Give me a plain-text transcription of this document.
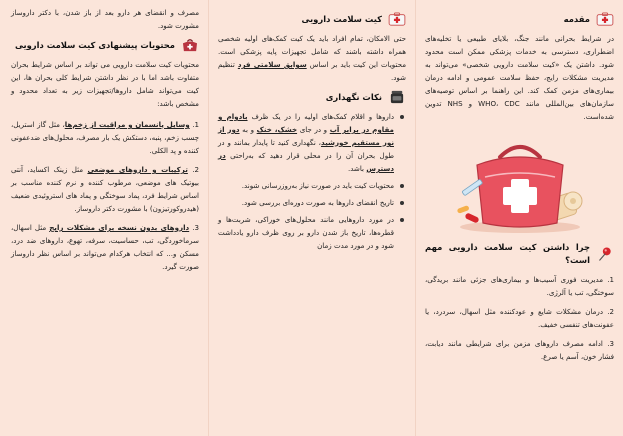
مقدمه

در شرایط بحرانی مانند جنگ، بلایای طبیعی یا تخلیه‌های اضطراری، دسترسی به خدمات پزشکی ممکن است محدود شود. داشتن یک «کیت سلامت دارویی شخصی» می‌تواند به مدیریت مشکلات رایج، حفظ سلامت عمومی و ادامه درمان بیماری‌های مزمن کمک کند. این راهنما بر اساس توصیه‌های سازمان‌های بین‌المللی مانند WHO، CDC و NHS تدوین شده‌است.

چرا داشتن کیت سلامت دارویی مهم است؟

1. مدیریت فوری آسیب‌ها و بیماری‌های جزئی مانند بریدگی، سوختگی، تب یا آلرژی.

2. درمان مشکلات شایع و عودکننده مثل اسهال، سردرد، یا عفونت‌های تنفسی خفیف.

3. ادامه مصرف داروهای مزمن برای شرایطی مانند دیابت، فشار خون، آسم یا صرع.

کیت سلامت دارویی

حتی الامکان، تمام افراد باید یک کیت کمک‌های اولیه شخصی همراه داشته باشند که شامل تجهیزات پایه پزشکی است. محتویات این کیت باید بر اساس سوابق سلامتی فرد تنظیم شود.

نکات نگهداری
داروها و اقلام کمک‌های اولیه را در یک ظرف بادوام و مقاوم در برابر آب و در جای خشک، خنک و به دور از نور مستقیم خورشید، نگهداری کنید تا پایدار بمانند و در طول بحران آن را در محلی قرار دهید که به‌راحتی در دسترس باشد.
محتویات کیت باید در صورت نیاز به‌روزرسانی شوند.
تاریخ انقضای داروها به صورت دوره‌ای بررسی شود.
در مورد داروهایی مانند محلول‌های خوراکی، شربت‌ها و قطره‌ها، تاریخ باز شدن دارو بر روی ظرف دارو یادداشت شود و در مورد مدت زمان

مصرف و انقضای هر دارو بعد از باز شدن، با دکتر داروساز مشورت شود.

محتویات پیشنهادی کیت سلامت دارویی

محتویات کیت سلامت دارویی می‌ تواند بر اساس شرایط بحران متفاوت باشد اما با در نظر داشتن شرایط کلی بحران ها، این کیت می‌تواند شامل داروها/تجهیزات زیر به تعداد محدود و مشخص باشد:

1. وسایل پانسمان و مراقبت از زخم‌ها، مثل گاز استریل، چسب زخم، پنبه، دستکش یک بار مصرف، محلول‌های ضدعفونی کننده و پد الکلی.

2. ترکیبات و داروهای موضعی مثل زینک اکساید، آنتی بیوتیک های موضعی، مرطوب کننده و نرم کننده مناسب بر اساس شرایط فرد، پماد سوختگی و پماد های استروئیدی ضعیف (هیدروکورتیزون) با مشورت دکتر داروساز.

3. داروهای بدون نسخه برای مشکلات رایج مثل اسهال، سرماخوردگی، تب، حساسیت، سرفه، تهوع، داروهای ضد درد، مسکن و... که انتخاب هرکدام می‌تواند بر اساس نظر داروساز صورت گیرد.
